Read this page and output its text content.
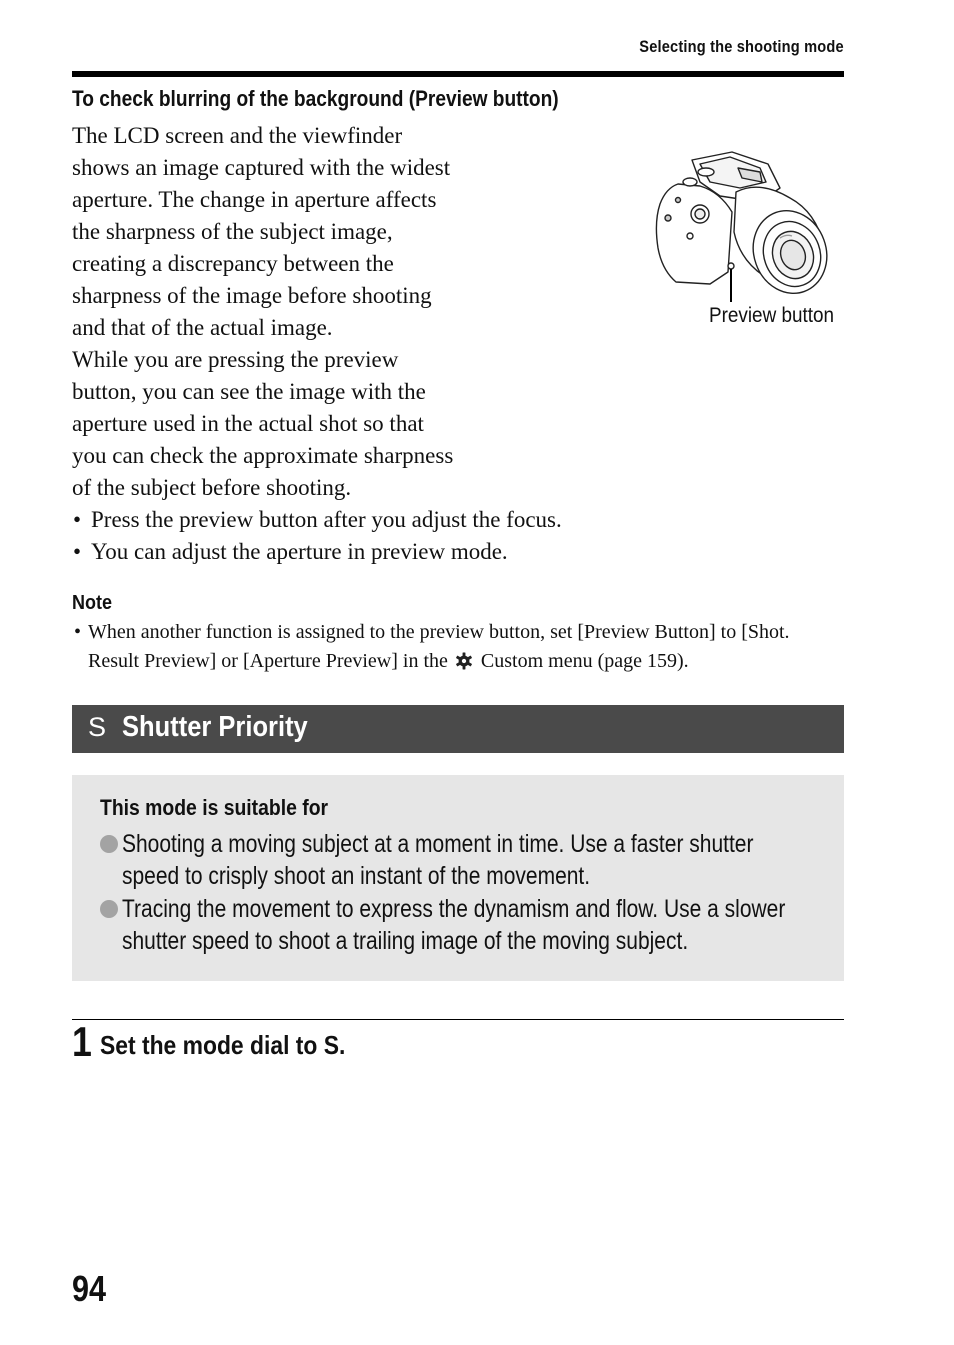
Selecting the shooting mode
To check blurring of the background (Preview button)

The LCD screen and the viewfinder
shows an image captured with the widest
aperture. The change in aperture affects
the sharpness of the subject image,
creating a discrepancy between the
sharpness of the image before shooting
and that of the actual image.

While you are pressing the preview
button, you can see the image with the
aperture used in the actual shot so that
you can check the approximate sharpness
of the subject before shooting.

• Press the preview button after you adjust the focus.
• You can adjust the aperture in preview mode.
Preview button
Note
• When another function is assigned to the preview button, set [Preview Button] to [Shot. Result Preview] or [Aperture Preview] in the Custom menu (page 159).
S Shutter Priority
This mode is suitable for
Shooting a moving subject at a moment in time. Use a faster shutter speed to crisply shoot an instant of the movement.
Tracing the movement to express the dynamism and flow. Use a slower shutter speed to shoot a trailing image of the moving subject.
1 Set the mode dial to S.
94
